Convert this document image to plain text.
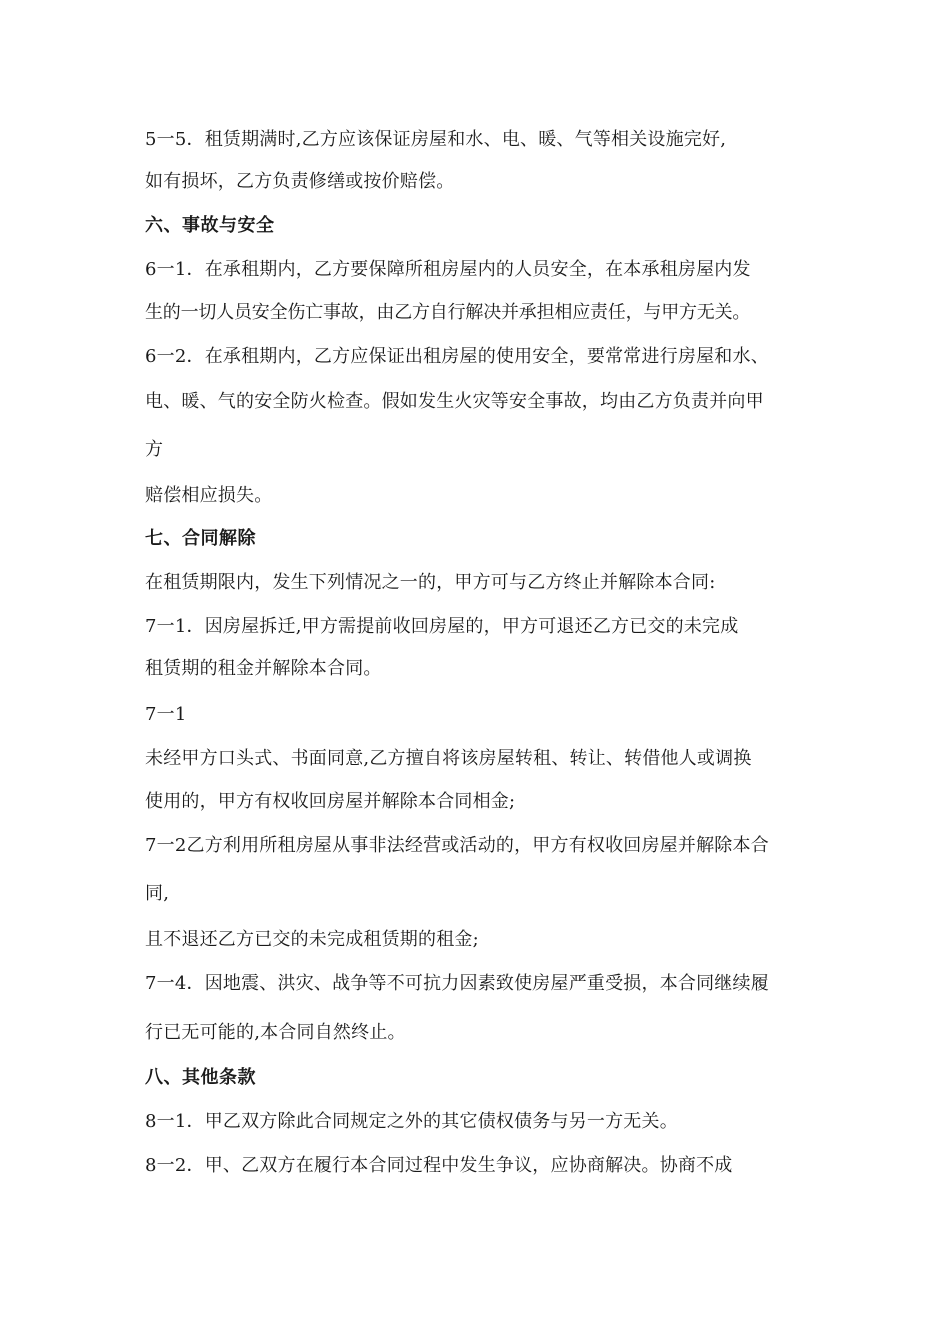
5一5．租赁期满时,乙方应该保证房屋和水、电、暖、气等相关设施完好,

如有损坏，乙方负责修缮或按价赔偿。

六、事故与安全

6一1．在承租期内，乙方要保障所租房屋内的人员安全，在本承租房屋内发

生的一切人员安全伤亡事故，由乙方自行解决并承担相应责任，与甲方无关。

6一2．在承租期内，乙方应保证出租房屋的使用安全，要常常进行房屋和水、

电、暖、气的安全防火检查。假如发生火灾等安全事故，均由乙方负责并向甲

方

赔偿相应损失。

七、合同解除

在租赁期限内，发生下列情况之一的，甲方可与乙方终止并解除本合同:

7一1．因房屋拆迁,甲方需提前收回房屋的，甲方可退还乙方已交的未完成

租赁期的租金并解除本合同。

7一1

未经甲方口头式、书面同意,乙方擅自将该房屋转租、转让、转借他人或调换

使用的，甲方有权收回房屋并解除本合同相金;

7一2乙方利用所租房屋从事非法经营或活动的，甲方有权收回房屋并解除本合

同,

且不退还乙方已交的未完成租赁期的租金;

7一4．因地震、洪灾、战争等不可抗力因素致使房屋严重受损，本合同继续履

行已无可能的,本合同自然终止。

八、其他条款

8一1．甲乙双方除此合同规定之外的其它债权债务与另一方无关。

8一2．甲、乙双方在履行本合同过程中发生争议，应协商解决。协商不成
